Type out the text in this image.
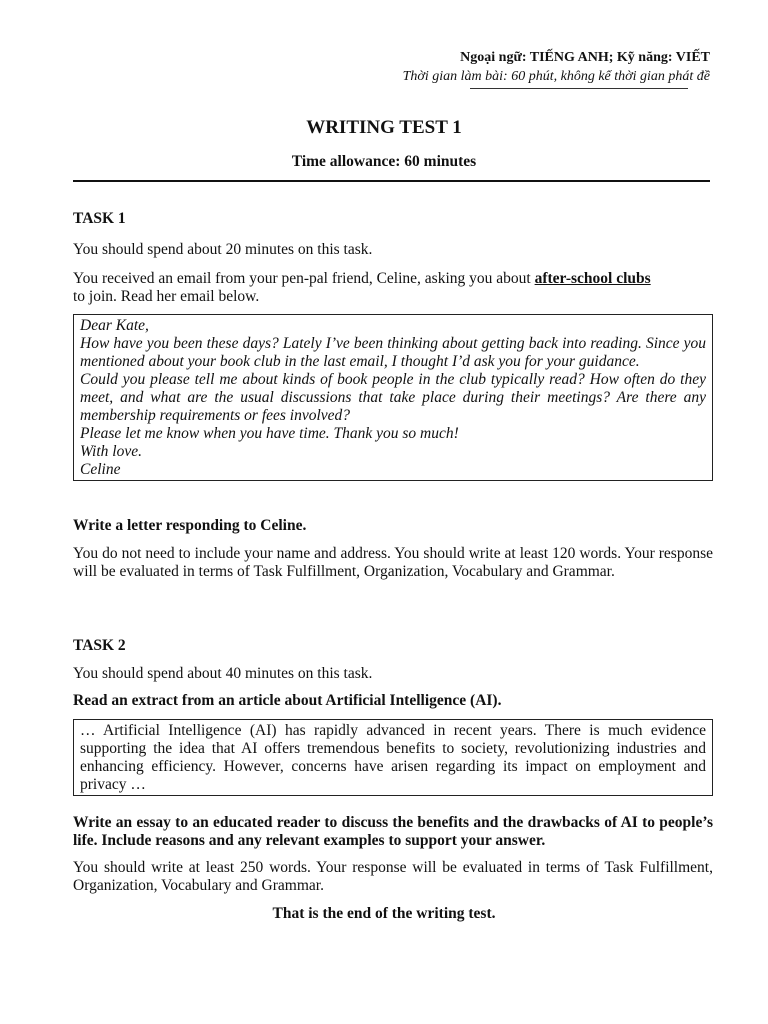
Ngoại ngữ: TIẾNG ANH; Kỹ năng: VIẾT
Thời gian làm bài: 60 phút, không kể thời gian phát đề
WRITING TEST 1
Time allowance: 60 minutes
TASK 1
You should spend about 20 minutes on this task.
You received an email from your pen-pal friend, Celine, asking you about after-school clubs
to join. Read her email below.

Dear Kate,

How have you been these days? Lately I’ve been thinking about getting back into reading. Since you mentioned about your book club in the last email, I thought I’d ask you for your guidance.

Could you please tell me about kinds of book people in the club typically read? How often do they meet, and what are the usual discussions that take place during their meetings? Are there any membership requirements or fees involved?

Please let me know when you have time. Thank you so much!

With love.

Celine

Write a letter responding to Celine.
You do not need to include your name and address. You should write at least 120 words. Your response will be evaluated in terms of Task Fulfillment, Organization, Vocabulary and Grammar.
TASK 2
You should spend about 40 minutes on this task.
Read an extract from an article about Artificial Intelligence (AI).

… Artificial Intelligence (AI) has rapidly advanced in recent years. There is much evidence supporting the idea that AI offers tremendous benefits to society, revolutionizing industries and enhancing efficiency. However, concerns have arisen regarding its impact on employment and privacy …

Write an essay to an educated reader to discuss the benefits and the drawbacks of AI to people’s life. Include reasons and any relevant examples to support your answer.
You should write at least 250 words. Your response will be evaluated in terms of Task Fulfillment, Organization, Vocabulary and Grammar.
That is the end of the writing test.
